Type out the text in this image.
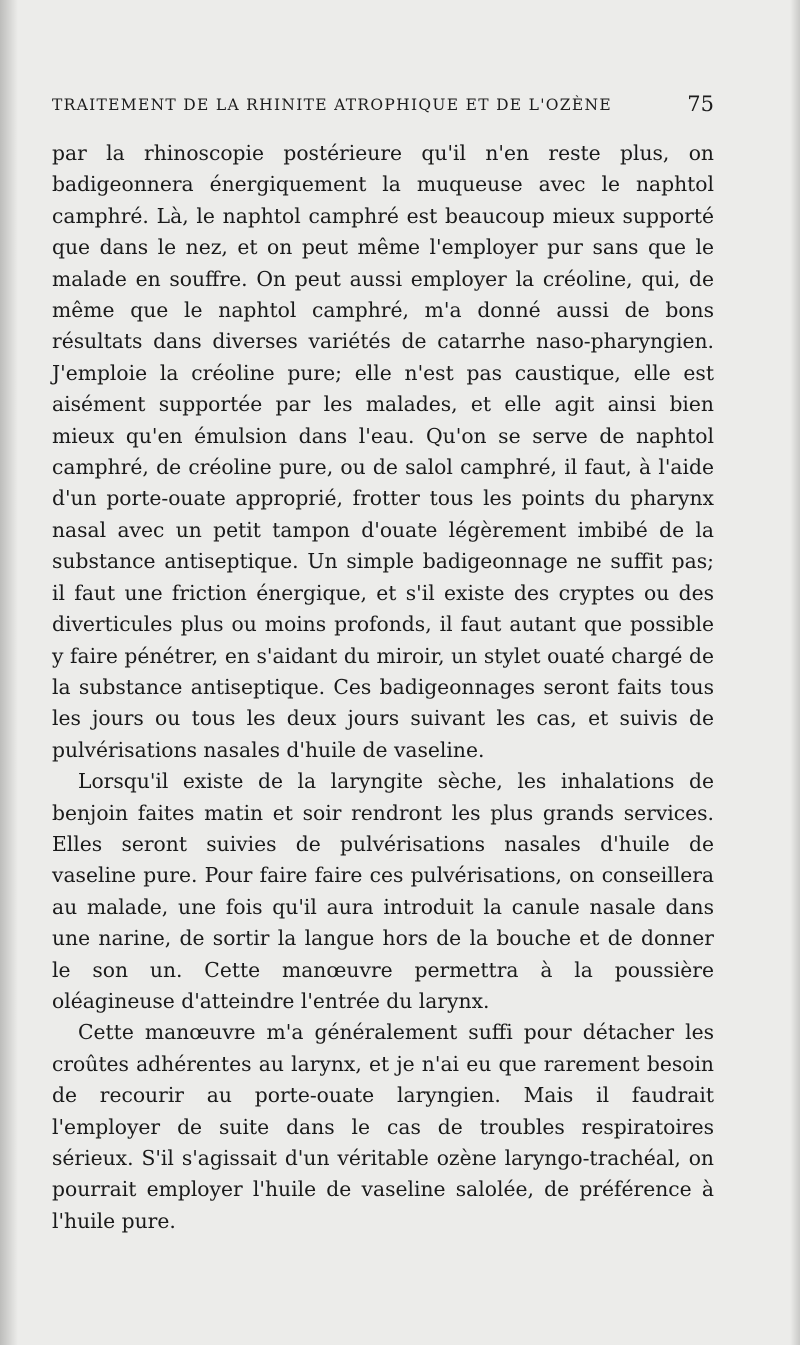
TRAITEMENT DE LA RHINITE ATROPHIQUE ET DE L'OZÈNE	75

par la rhinoscopie postérieure qu'il n'en reste plus, on badigeonnera énergiquement la muqueuse avec le naphtol camphré. Là, le naphtol camphré est beaucoup mieux supporté que dans le nez, et on peut même l'employer pur sans que le malade en souffre. On peut aussi employer la créoline, qui, de même que le naphtol camphré, m'a donné aussi de bons résultats dans diverses variétés de catarrhe naso-pharyngien. J'emploie la créoline pure; elle n'est pas caustique, elle est aisément supportée par les malades, et elle agit ainsi bien mieux qu'en émulsion dans l'eau. Qu'on se serve de naphtol camphré, de créoline pure, ou de salol camphré, il faut, à l'aide d'un porte-ouate approprié, frotter tous les points du pharynx nasal avec un petit tampon d'ouate légèrement imbibé de la substance antiseptique. Un simple badigeonnage ne suffit pas; il faut une friction énergique, et s'il existe des cryptes ou des diverticules plus ou moins profonds, il faut autant que possible y faire pénétrer, en s'aidant du miroir, un stylet ouaté chargé de la substance antiseptique. Ces badigeonnages seront faits tous les jours ou tous les deux jours suivant les cas, et suivis de pulvérisations nasales d'huile de vaseline.

Lorsqu'il existe de la laryngite sèche, les inhalations de benjoin faites matin et soir rendront les plus grands services. Elles seront suivies de pulvérisations nasales d'huile de vaseline pure. Pour faire faire ces pulvérisations, on conseillera au malade, une fois qu'il aura introduit la canule nasale dans une narine, de sortir la langue hors de la bouche et de donner le son un. Cette manœuvre permettra à la poussière oléagineuse d'atteindre l'entrée du larynx.

Cette manœuvre m'a généralement suffi pour détacher les croûtes adhérentes au larynx, et je n'ai eu que rarement besoin de recourir au porte-ouate laryngien. Mais il faudrait l'employer de suite dans le cas de troubles respiratoires sérieux. S'il s'agissait d'un véritable ozène laryngo-trachéal, on pourrait employer l'huile de vaseline salolée, de préférence à l'huile pure.
